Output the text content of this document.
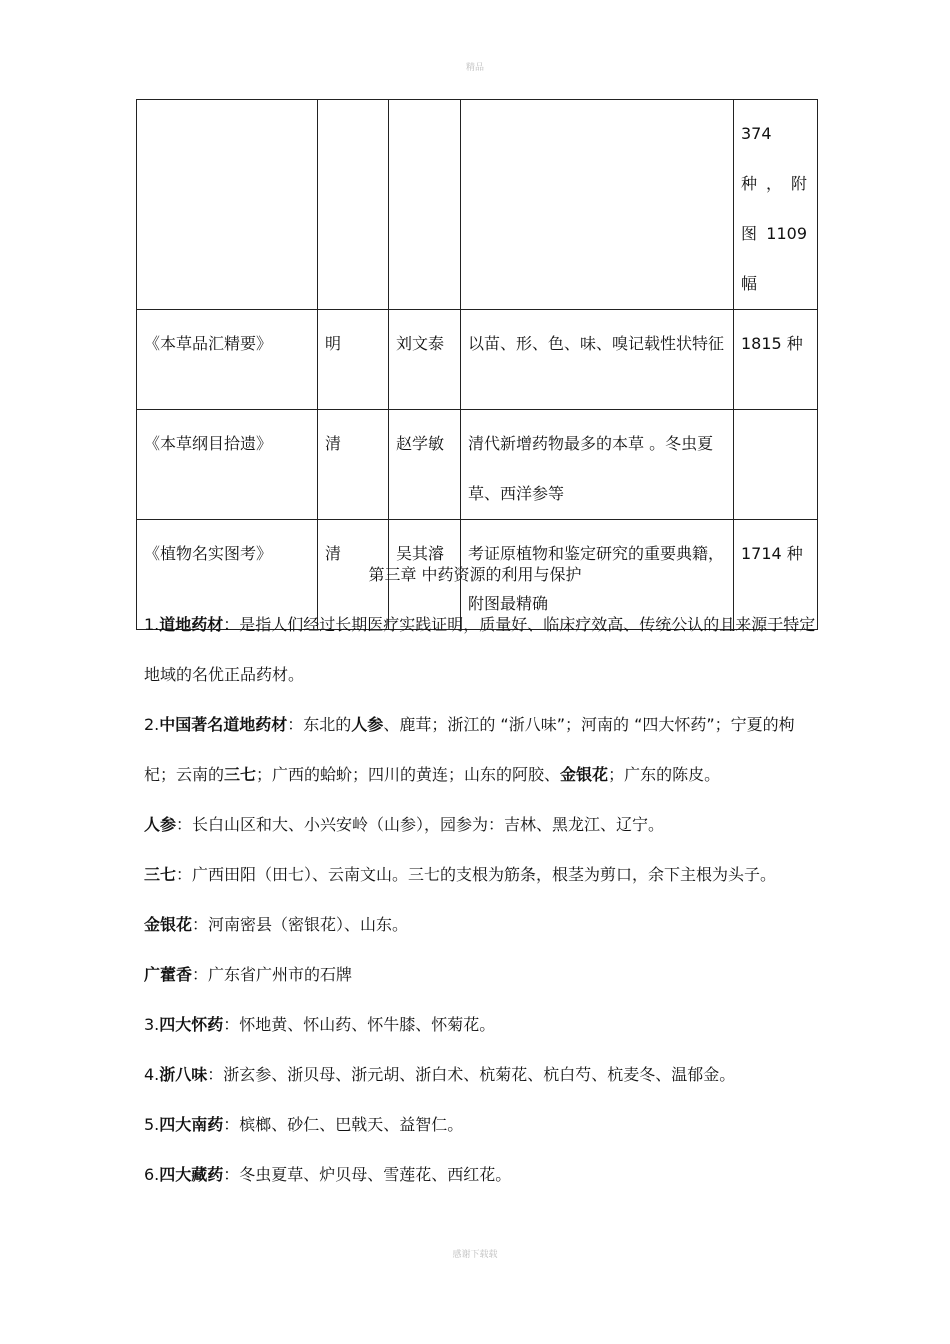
精品
				374 种，附 图 1109 幅
《本草品汇精要》	明	刘文泰	以苗、形、色、味、嗅记载性状特征	1815 种
《本草纲目拾遗》	清	赵学敏	清代新增药物最多的本草 。冬虫夏草、西洋参等	
《植物名实图考》	清	吴其濬	考证原植物和鉴定研究的重要典籍，附图最精确	1714 种
第三章 中药资源的利用与保护

1.道地药材：是指人们经过长期医疗实践证明，质量好、临床疗效高、传统公认的且来源于特定地域的名优正品药材。

2.中国著名道地药材：东北的人参、鹿茸；浙江的 “浙八味”；河南的 “四大怀药”；宁夏的枸杞；云南的三七；广西的蛤蚧；四川的黄连；山东的阿胶、金银花；广东的陈皮。

人参：长白山区和大、小兴安岭（山参），园参为：吉林、黑龙江、辽宁。

三七：广西田阳（田七）、云南文山。三七的支根为筋条，根茎为剪口，余下主根为头子。

金银花：河南密县（密银花）、山东。

广藿香：广东省广州市的石牌

3.四大怀药：怀地黄、怀山药、怀牛膝、怀菊花。

4.浙八味：浙玄参、浙贝母、浙元胡、浙白术、杭菊花、杭白芍、杭麦冬、温郁金。

5.四大南药：槟榔、砂仁、巴戟天、益智仁。

6.四大藏药：冬虫夏草、炉贝母、雪莲花、西红花。

感谢下载载
